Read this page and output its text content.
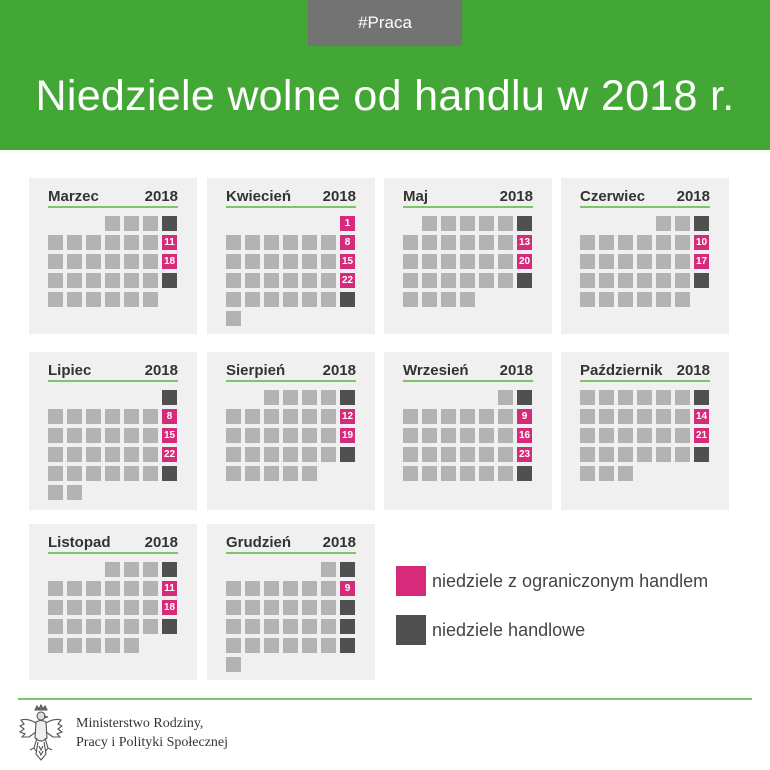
#Praca
Niedziele wolne od handlu w 2018 r.
Marzec	2018
11
18
Kwiecień 2018
1
8
15
22
Maj	2018
13
20
Czerwiec 2018
10
17
Lipiec	2018
8
15
22
Sierpień 2018
12
19
Wrzesień 2018
9
16
23
Październik 2018
14
21
Listopad 2018
11
18
Grudzień 2018
9	niedziele z ograniczonym handlem
niedziele handlowe
Ministerstwo Rodziny,
Pracy i Polityki Społecznej
